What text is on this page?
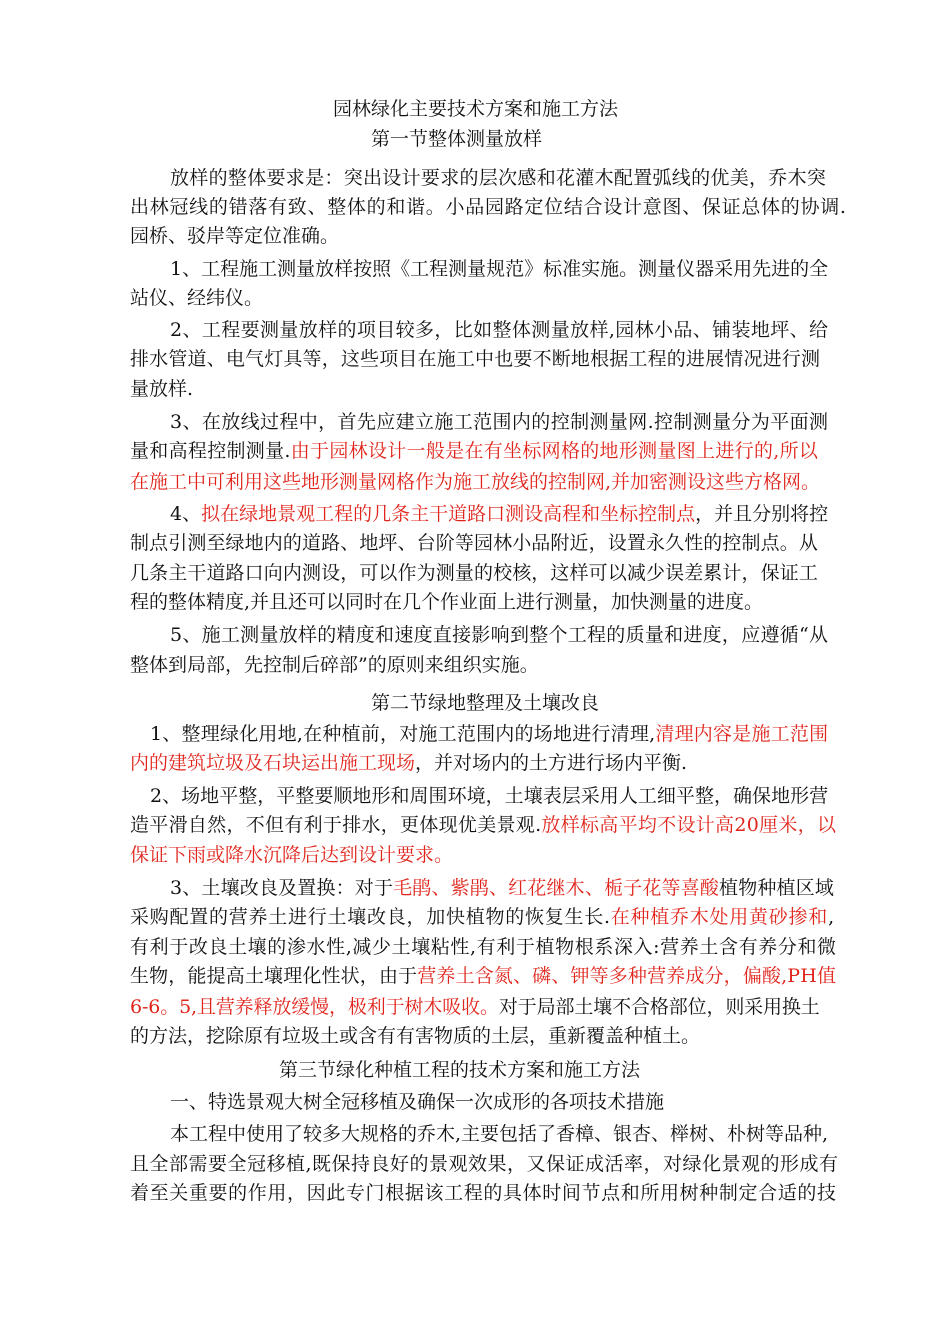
园林绿化主要技术方案和施工方法
第一节整体测量放样
放样的整体要求是：突出设计要求的层次感和花灌木配置弧线的优美，乔木突
出林冠线的错落有致、整体的和谐。小品园路定位结合设计意图、保证总体的协调.
园桥、驳岸等定位准确。
1、工程施工测量放样按照《工程测量规范》标准实施。测量仪器采用先进的全
站仪、经纬仪。
2、工程要测量放样的项目较多，比如整体测量放样,园林小品、铺装地坪、给
排水管道、电气灯具等，这些项目在施工中也要不断地根据工程的进展情况进行测
量放样.
3、在放线过程中，首先应建立施工范围内的控制测量网.控制测量分为平面测
量和高程控制测量.由于园林设计一般是在有坐标网格的地形测量图上进行的,所以
在施工中可利用这些地形测量网格作为施工放线的控制网,并加密测设这些方格网。
4、拟在绿地景观工程的几条主干道路口测设高程和坐标控制点，并且分别将控
制点引测至绿地内的道路、地坪、台阶等园林小品附近，设置永久性的控制点。从
几条主干道路口向内测设，可以作为测量的校核，这样可以减少误差累计，保证工
程的整体精度,并且还可以同时在几个作业面上进行测量，加快测量的进度。
5、施工测量放样的精度和速度直接影响到整个工程的质量和进度，应遵循“从
整体到局部，先控制后碎部”的原则来组织实施。
第二节绿地整理及土壤改良
1、整理绿化用地,在种植前，对施工范围内的场地进行清理,清理内容是施工范围
内的建筑垃圾及石块运出施工现场，并对场内的土方进行场内平衡.
2、场地平整，平整要顺地形和周围环境，土壤表层采用人工细平整，确保地形营
造平滑自然，不但有利于排水，更体现优美景观.放样标高平均不设计高20厘米，以
保证下雨或降水沉降后达到设计要求。
3、土壤改良及置换：对于毛鹃、紫鹃、红花继木、栀子花等喜酸植物种植区域
采购配置的营养土进行土壤改良，加快植物的恢复生长.在种植乔木处用黄砂掺和,
有利于改良土壤的渗水性,减少土壤粘性,有利于植物根系深入:营养土含有养分和微
生物，能提高土壤理化性状，由于营养土含氮、磷、钾等多种营养成分，偏酸,PH值
6-6。5,且营养释放缓慢，极利于树木吸收。对于局部土壤不合格部位，则采用换土
的方法，挖除原有垃圾土或含有有害物质的土层，重新覆盖种植土。
第三节绿化种植工程的技术方案和施工方法
一、特选景观大树全冠移植及确保一次成形的各项技术措施
本工程中使用了较多大规格的乔木,主要包括了香樟、银杏、榉树、朴树等品种,
且全部需要全冠移植,既保持良好的景观效果，又保证成活率，对绿化景观的形成有
着至关重要的作用，因此专门根据该工程的具体时间节点和所用树种制定合适的技
